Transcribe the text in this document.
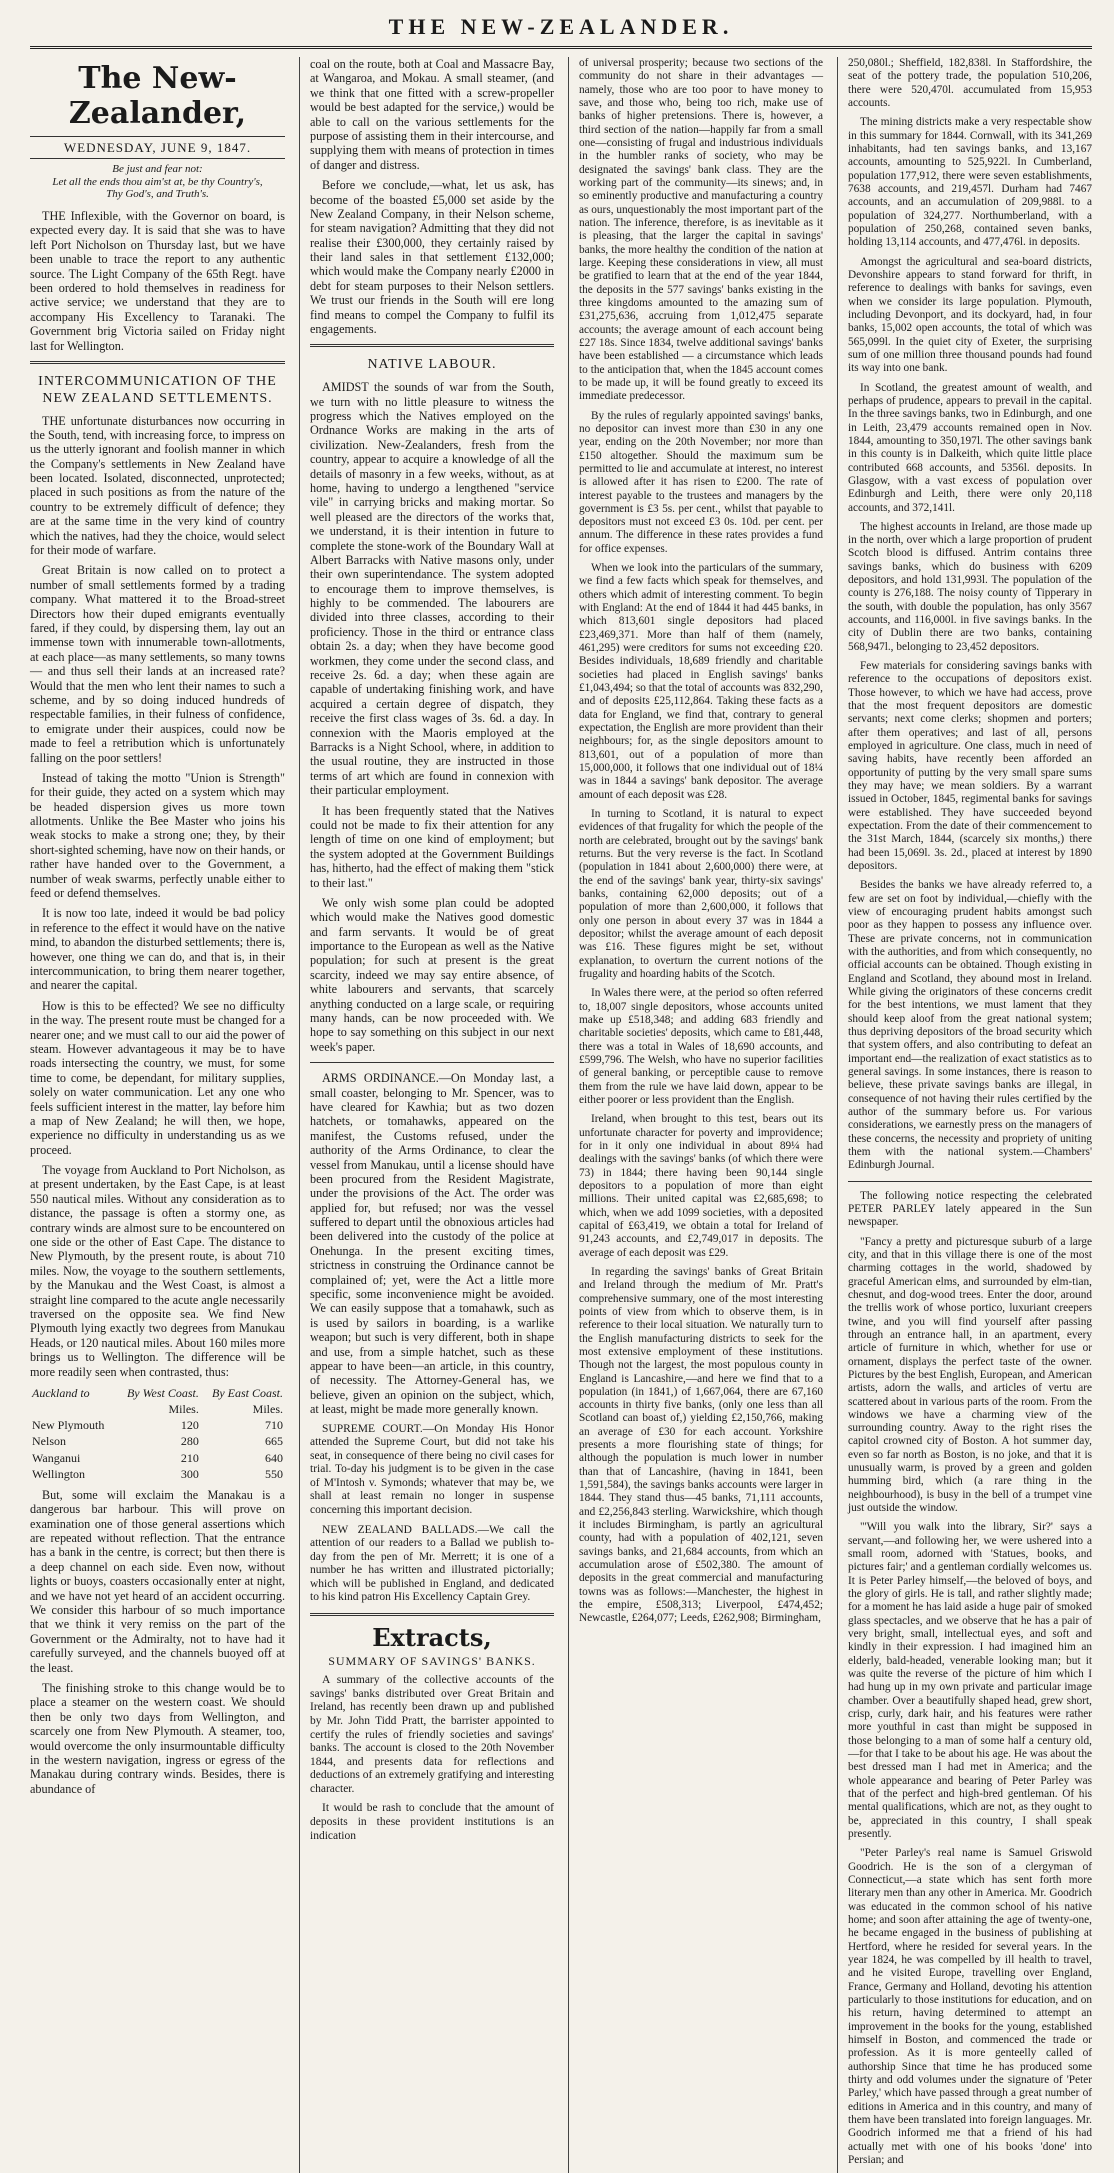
THE NEW-ZEALANDER.
The New-Zealander,
WEDNESDAY, JUNE 9, 1847.
Be just and fear not:
Let all the ends thou aim'st at, be thy Country's,
Thy God's, and Truth's.

THE Inflexible, with the Governor on board, is expected every day. It is said that she was to have left Port Nicholson on Thursday last, but we have been unable to trace the report to any authentic source. The Light Company of the 65th Regt. have been ordered to hold themselves in readiness for active service; we understand that they are to accompany His Excellency to Taranaki. The Government brig Victoria sailed on Friday night last for Wellington.

INTERCOMMUNICATION OF THE NEW ZEALAND SETTLEMENTS.

THE unfortunate disturbances now occurring in the South, tend, with increasing force, to impress on us the utterly ignorant and foolish manner in which the Company's settlements in New Zealand have been located. Isolated, disconnected, unprotected; placed in such positions as from the nature of the country to be extremely difficult of defence; they are at the same time in the very kind of country which the natives, had they the choice, would select for their mode of warfare.

Great Britain is now called on to protect a number of small settlements formed by a trading company. What mattered it to the Broad-street Directors how their duped emigrants eventually fared, if they could, by dispersing them, lay out an immense town with innumerable town-allotments, at each place—as many settlements, so many towns — and thus sell their lands at an increased rate? Would that the men who lent their names to such a scheme, and by so doing induced hundreds of respectable families, in their fulness of confidence, to emigrate under their auspices, could now be made to feel a retribution which is unfortunately falling on the poor settlers!

Instead of taking the motto "Union is Strength" for their guide, they acted on a system which may be headed dispersion gives us more town allotments. Unlike the Bee Master who joins his weak stocks to make a strong one; they, by their short-sighted scheming, have now on their hands, or rather have handed over to the Government, a number of weak swarms, perfectly unable either to feed or defend themselves.

It is now too late, indeed it would be bad policy in reference to the effect it would have on the native mind, to abandon the disturbed settlements; there is, however, one thing we can do, and that is, in their intercommunication, to bring them nearer together, and nearer the capital.

How is this to be effected? We see no difficulty in the way. The present route must be changed for a nearer one; and we must call to our aid the power of steam. However advantageous it may be to have roads intersecting the country, we must, for some time to come, be dependant, for military supplies, solely on water communication. Let any one who feels sufficient interest in the matter, lay before him a map of New Zealand; he will then, we hope, experience no difficulty in understanding us as we proceed.

The voyage from Auckland to Port Nicholson, as at present undertaken, by the East Cape, is at least 550 nautical miles. Without any consideration as to distance, the passage is often a stormy one, as contrary winds are almost sure to be encountered on one side or the other of East Cape. The distance to New Plymouth, by the present route, is about 710 miles. Now, the voyage to the southern settlements, by the Manukau and the West Coast, is almost a straight line compared to the acute angle necessarily traversed on the opposite sea. We find New Plymouth lying exactly two degrees from Manukau Heads, or 120 nautical miles. About 160 miles more brings us to Wellington. The difference will be more readily seen when contrasted, thus:

Auckland to	By West Coast.	By East Coast.
	Miles.	Miles.
New Plymouth	120	710
Nelson	280	665
Wanganui	210	640
Wellington	300	550

But, some will exclaim the Manakau is a dangerous bar harbour. This will prove on examination one of those general assertions which are repeated without reflection. That the entrance has a bank in the centre, is correct; but then there is a deep channel on each side. Even now, without lights or buoys, coasters occasionally enter at night, and we have not yet heard of an accident occurring. We consider this harbour of so much importance that we think it very remiss on the part of the Government or the Admiralty, not to have had it carefully surveyed, and the channels buoyed off at the least.

The finishing stroke to this change would be to place a steamer on the western coast. We should then be only two days from Wellington, and scarcely one from New Plymouth. A steamer, too, would overcome the only insurmountable difficulty in the western navigation, ingress or egress of the Manakau during contrary winds. Besides, there is abundance of

coal on the route, both at Coal and Massacre Bay, at Wangaroa, and Mokau. A small steamer, (and we think that one fitted with a screw-propeller would be best adapted for the service,) would be able to call on the various settlements for the purpose of assisting them in their intercourse, and supplying them with means of protection in times of danger and distress.

Before we conclude,—what, let us ask, has become of the boasted £5,000 set aside by the New Zealand Company, in their Nelson scheme, for steam navigation? Admitting that they did not realise their £300,000, they certainly raised by their land sales in that settlement £132,000; which would make the Company nearly £2000 in debt for steam purposes to their Nelson settlers. We trust our friends in the South will ere long find means to compel the Company to fulfil its engagements.

NATIVE LABOUR.

AMIDST the sounds of war from the South, we turn with no little pleasure to witness the progress which the Natives employed on the Ordnance Works are making in the arts of civilization. New-Zealanders, fresh from the country, appear to acquire a knowledge of all the details of masonry in a few weeks, without, as at home, having to undergo a lengthened "service vile" in carrying bricks and making mortar. So well pleased are the directors of the works that, we understand, it is their intention in future to complete the stone-work of the Boundary Wall at Albert Barracks with Native masons only, under their own superintendance. The system adopted to encourage them to improve themselves, is highly to be commended. The labourers are divided into three classes, according to their proficiency. Those in the third or entrance class obtain 2s. a day; when they have become good workmen, they come under the second class, and receive 2s. 6d. a day; when these again are capable of undertaking finishing work, and have acquired a certain degree of dispatch, they receive the first class wages of 3s. 6d. a day. In connexion with the Maoris employed at the Barracks is a Night School, where, in addition to the usual routine, they are instructed in those terms of art which are found in connexion with their particular employment.

It has been frequently stated that the Natives could not be made to fix their attention for any length of time on one kind of employment; but the system adopted at the Government Buildings has, hitherto, had the effect of making them "stick to their last."

We only wish some plan could be adopted which would make the Natives good domestic and farm servants. It would be of great importance to the European as well as the Native population; for such at present is the great scarcity, indeed we may say entire absence, of white labourers and servants, that scarcely anything conducted on a large scale, or requiring many hands, can be now proceeded with. We hope to say something on this subject in our next week's paper.

ARMS ORDINANCE.—On Monday last, a small coaster, belonging to Mr. Spencer, was to have cleared for Kawhia; but as two dozen hatchets, or tomahawks, appeared on the manifest, the Customs refused, under the authority of the Arms Ordinance, to clear the vessel from Manukau, until a license should have been procured from the Resident Magistrate, under the provisions of the Act. The order was applied for, but refused; nor was the vessel suffered to depart until the obnoxious articles had been delivered into the custody of the police at Onehunga. In the present exciting times, strictness in construing the Ordinance cannot be complained of; yet, were the Act a little more specific, some inconvenience might be avoided. We can easily suppose that a tomahawk, such as is used by sailors in boarding, is a warlike weapon; but such is very different, both in shape and use, from a simple hatchet, such as these appear to have been—an article, in this country, of necessity. The Attorney-General has, we believe, given an opinion on the subject, which, at least, might be made more generally known.

SUPREME COURT.—On Monday His Honor attended the Supreme Court, but did not take his seat, in consequence of there being no civil cases for trial. To-day his judgment is to be given in the case of M'Intosh v. Symonds; whatever that may be, we shall at least remain no longer in suspense concerning this important decision.

NEW ZEALAND BALLADS.—We call the attention of our readers to a Ballad we publish to-day from the pen of Mr. Merrett; it is one of a number he has written and illustrated pictorially; which will be published in England, and dedicated to his kind patron His Excellency Captain Grey.

Extracts,
SUMMARY OF SAVINGS' BANKS.

A summary of the collective accounts of the savings' banks distributed over Great Britain and Ireland, has recently been drawn up and published by Mr. John Tidd Pratt, the barrister appointed to certify the rules of friendly societies and savings' banks. The account is closed to the 20th November 1844, and presents data for reflections and deductions of an extremely gratifying and interesting character.

It would be rash to conclude that the amount of deposits in these provident institutions is an indication

of universal prosperity; because two sections of the community do not share in their advantages — namely, those who are too poor to have money to save, and those who, being too rich, make use of banks of higher pretensions. There is, however, a third section of the nation—happily far from a small one—consisting of frugal and industrious individuals in the humbler ranks of society, who may be designated the savings' bank class. They are the working part of the community—its sinews; and, in so eminently productive and manufacturing a country as ours, unquestionably the most important part of the nation. The inference, therefore, is as inevitable as it is pleasing, that the larger the capital in savings' banks, the more healthy the condition of the nation at large. Keeping these considerations in view, all must be gratified to learn that at the end of the year 1844, the deposits in the 577 savings' banks existing in the three kingdoms amounted to the amazing sum of £31,275,636, accruing from 1,012,475 separate accounts; the average amount of each account being £27 18s. Since 1834, twelve additional savings' banks have been established — a circumstance which leads to the anticipation that, when the 1845 account comes to be made up, it will be found greatly to exceed its immediate predecessor.

By the rules of regularly appointed savings' banks, no depositor can invest more than £30 in any one year, ending on the 20th November; nor more than £150 altogether. Should the maximum sum be permitted to lie and accumulate at interest, no interest is allowed after it has risen to £200. The rate of interest payable to the trustees and managers by the government is £3 5s. per cent., whilst that payable to depositors must not exceed £3 0s. 10d. per cent. per annum. The difference in these rates provides a fund for office expenses.

When we look into the particulars of the summary, we find a few facts which speak for themselves, and others which admit of interesting comment. To begin with England: At the end of 1844 it had 445 banks, in which 813,601 single depositors had placed £23,469,371. More than half of them (namely, 461,295) were creditors for sums not exceeding £20. Besides individuals, 18,689 friendly and charitable societies had placed in English savings' banks £1,043,494; so that the total of accounts was 832,290, and of deposits £25,112,864. Taking these facts as a data for England, we find that, contrary to general expectation, the English are more provident than their neighbours; for, as the single depositors amount to 813,601, out of a population of more than 15,000,000, it follows that one individual out of 18¼ was in 1844 a savings' bank depositor. The average amount of each deposit was £28.

In turning to Scotland, it is natural to expect evidences of that frugality for which the people of the north are celebrated, brought out by the savings' bank returns. But the very reverse is the fact. In Scotland (population in 1841 about 2,600,000) there were, at the end of the savings' bank year, thirty-six savings' banks, containing 62,000 deposits; out of a population of more than 2,600,000, it follows that only one person in about every 37 was in 1844 a depositor; whilst the average amount of each deposit was £16. These figures might be set, without explanation, to overturn the current notions of the frugality and hoarding habits of the Scotch.

In Wales there were, at the period so often referred to, 18,007 single depositors, whose accounts united make up £518,348; and adding 683 friendly and charitable societies' deposits, which came to £81,448, there was a total in Wales of 18,690 accounts, and £599,796. The Welsh, who have no superior facilities of general banking, or perceptible cause to remove them from the rule we have laid down, appear to be either poorer or less provident than the English.

Ireland, when brought to this test, bears out its unfortunate character for poverty and improvidence; for in it only one individual in about 89¼ had dealings with the savings' banks (of which there were 73) in 1844; there having been 90,144 single depositors to a population of more than eight millions. Their united capital was £2,685,698; to which, when we add 1099 societies, with a deposited capital of £63,419, we obtain a total for Ireland of 91,243 accounts, and £2,749,017 in deposits. The average of each deposit was £29.

In regarding the savings' banks of Great Britain and Ireland through the medium of Mr. Pratt's comprehensive summary, one of the most interesting points of view from which to observe them, is in reference to their local situation. We naturally turn to the English manufacturing districts to seek for the most extensive employment of these institutions. Though not the largest, the most populous county in England is Lancashire,—and here we find that to a population (in 1841,) of 1,667,064, there are 67,160 accounts in thirty five banks, (only one less than all Scotland can boast of,) yielding £2,150,766, making an average of £30 for each account. Yorkshire presents a more flourishing state of things; for although the population is much lower in number than that of Lancashire, (having in 1841, been 1,591,584), the savings banks accounts were larger in 1844. They stand thus—45 banks, 71,111 accounts, and £2,256,843 sterling. Warwickshire, which though it includes Birmingham, is partly an agricultural county, had with a population of 402,121, seven savings banks, and 21,684 accounts, from which an accumulation arose of £502,380. The amount of deposits in the great commercial and manufacturing towns was as follows:—Manchester, the highest in the empire, £508,313; Liverpool, £474,452; Newcastle, £264,077; Leeds, £262,908; Birmingham,

250,080l.; Sheffield, 182,838l. In Staffordshire, the seat of the pottery trade, the population 510,206, there were 520,470l. accumulated from 15,953 accounts.

The mining districts make a very respectable show in this summary for 1844. Cornwall, with its 341,269 inhabitants, had ten savings banks, and 13,167 accounts, amounting to 525,922l. In Cumberland, population 177,912, there were seven establishments, 7638 accounts, and 219,457l. Durham had 7467 accounts, and an accumulation of 209,988l. to a population of 324,277. Northumberland, with a population of 250,268, contained seven banks, holding 13,114 accounts, and 477,476l. in deposits.

Amongst the agricultural and sea-board districts, Devonshire appears to stand forward for thrift, in reference to dealings with banks for savings, even when we consider its large population. Plymouth, including Devonport, and its dockyard, had, in four banks, 15,002 open accounts, the total of which was 565,099l. In the quiet city of Exeter, the surprising sum of one million three thousand pounds had found its way into one bank.

In Scotland, the greatest amount of wealth, and perhaps of prudence, appears to prevail in the capital. In the three savings banks, two in Edinburgh, and one in Leith, 23,479 accounts remained open in Nov. 1844, amounting to 350,197l. The other savings bank in this county is in Dalkeith, which quite little place contributed 668 accounts, and 5356l. deposits. In Glasgow, with a vast excess of population over Edinburgh and Leith, there were only 20,118 accounts, and 372,141l.

The highest accounts in Ireland, are those made up in the north, over which a large proportion of prudent Scotch blood is diffused. Antrim contains three savings banks, which do business with 6209 depositors, and hold 131,993l. The population of the county is 276,188. The noisy county of Tipperary in the south, with double the population, has only 3567 accounts, and 116,000l. in five savings banks. In the city of Dublin there are two banks, containing 568,947l., belonging to 23,452 depositors.

Few materials for considering savings banks with reference to the occupations of depositors exist. Those however, to which we have had access, prove that the most frequent depositors are domestic servants; next come clerks; shopmen and porters; after them operatives; and last of all, persons employed in agriculture. One class, much in need of saving habits, have recently been afforded an opportunity of putting by the very small spare sums they may have; we mean soldiers. By a warrant issued in October, 1845, regimental banks for savings were established. They have succeeded beyond expectation. From the date of their commencement to the 31st March, 1844, (scarcely six months,) there had been 15,069l. 3s. 2d., placed at interest by 1890 depositors.

Besides the banks we have already referred to, a few are set on foot by individual,—chiefly with the view of encouraging prudent habits amongst such poor as they happen to possess any influence over. These are private concerns, not in communication with the authorities, and from which consequently, no official accounts can be obtained. Though existing in England and Scotland, they abound most in Ireland. While giving the originators of these concerns credit for the best intentions, we must lament that they should keep aloof from the great national system; thus depriving depositors of the broad security which that system offers, and also contributing to defeat an important end—the realization of exact statistics as to general savings. In some instances, there is reason to believe, these private savings banks are illegal, in consequence of not having their rules certified by the author of the summary before us. For various considerations, we earnestly press on the managers of these concerns, the necessity and propriety of uniting them with the national system.—Chambers' Edinburgh Journal.

The following notice respecting the celebrated PETER PARLEY lately appeared in the Sun newspaper.

"Fancy a pretty and picturesque suburb of a large city, and that in this village there is one of the most charming cottages in the world, shadowed by graceful American elms, and surrounded by elm-tian, chesnut, and dog-wood trees. Enter the door, around the trellis work of whose portico, luxuriant creepers twine, and you will find yourself after passing through an entrance hall, in an apartment, every article of furniture in which, whether for use or ornament, displays the perfect taste of the owner. Pictures by the best English, European, and American artists, adorn the walls, and articles of vertu are scattered about in various parts of the room. From the windows we have a charming view of the surrounding country. Away to the right rises the capitol crowned city of Boston. A hot summer day, even so far north as Boston, is no joke, and that it is unusually warm, is proved by a green and golden humming bird, which (a rare thing in the neighbourhood), is busy in the bell of a trumpet vine just outside the window.

"'Will you walk into the library, Sir?' says a servant,—and following her, we were ushered into a small room, adorned with 'Statues, books, and pictures fair;' and a gentleman cordially welcomes us. It is Peter Parley himself,—the beloved of boys, and the glory of girls. He is tall, and rather slightly made; for a moment he has laid aside a huge pair of smoked glass spectacles, and we observe that he has a pair of very bright, small, intellectual eyes, and soft and kindly in their expression. I had imagined him an elderly, bald-headed, venerable looking man; but it was quite the reverse of the picture of him which I had hung up in my own private and particular image chamber. Over a beautifully shaped head, grew short, crisp, curly, dark hair, and his features were rather more youthful in cast than might be supposed in those belonging to a man of some half a century old,—for that I take to be about his age. He was about the best dressed man I had met in America; and the whole appearance and bearing of Peter Parley was that of the perfect and high-bred gentleman. Of his mental qualifications, which are not, as they ought to be, appreciated in this country, I shall speak presently.

"Peter Parley's real name is Samuel Griswold Goodrich. He is the son of a clergyman of Connecticut,—a state which has sent forth more literary men than any other in America. Mr. Goodrich was educated in the common school of his native home; and soon after attaining the age of twenty-one, he became engaged in the business of publishing at Hertford, where he resided for several years. In the year 1824, he was compelled by ill health to travel, and he visited Europe, travelling over England, France, Germany and Holland, devoting his attention particularly to those institutions for education, and on his return, having determined to attempt an improvement in the books for the young, established himself in Boston, and commenced the trade or profession. As it is more genteelly called of authorship Since that time he has produced some thirty and odd volumes under the signature of 'Peter Parley,' which have passed through a great number of editions in America and in this country, and many of them have been translated into foreign languages. Mr. Goodrich informed me that a friend of his had actually met with one of his books 'done' into Persian; and
